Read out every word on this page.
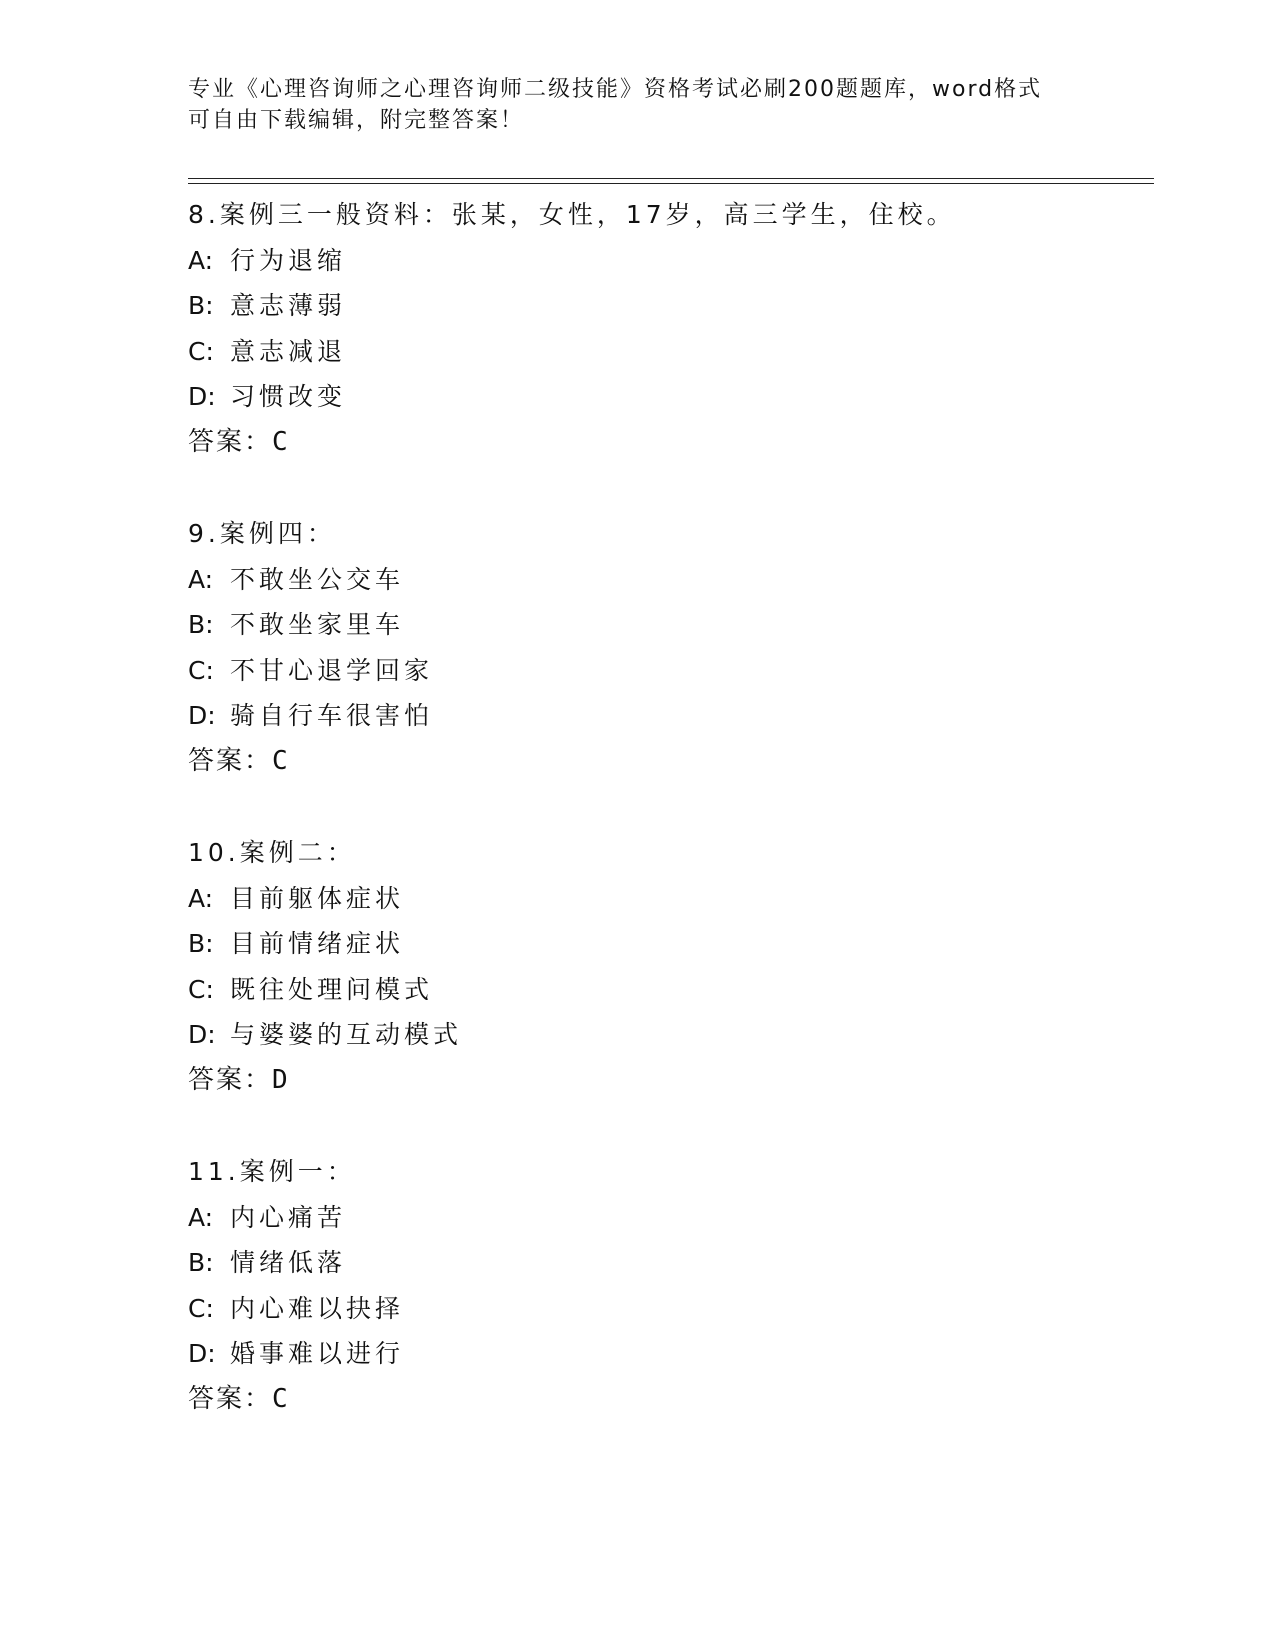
专业《心理咨询师之心理咨询师二级技能》资格考试必刷200题题库，word格式
可自由下载编辑，附完整答案！
8.案例三一般资料：张某，女性，17岁，高三学生，住校。
A: 行为退缩
B: 意志薄弱
C: 意志减退
D: 习惯改变
答案：C
9.案例四：
A: 不敢坐公交车
B: 不敢坐家里车
C: 不甘心退学回家
D: 骑自行车很害怕
答案：C
10.案例二：
A: 目前躯体症状
B: 目前情绪症状
C: 既往处理问模式
D: 与婆婆的互动模式
答案：D
11.案例一：
A: 内心痛苦
B: 情绪低落
C: 内心难以抉择
D: 婚事难以进行
答案：C
